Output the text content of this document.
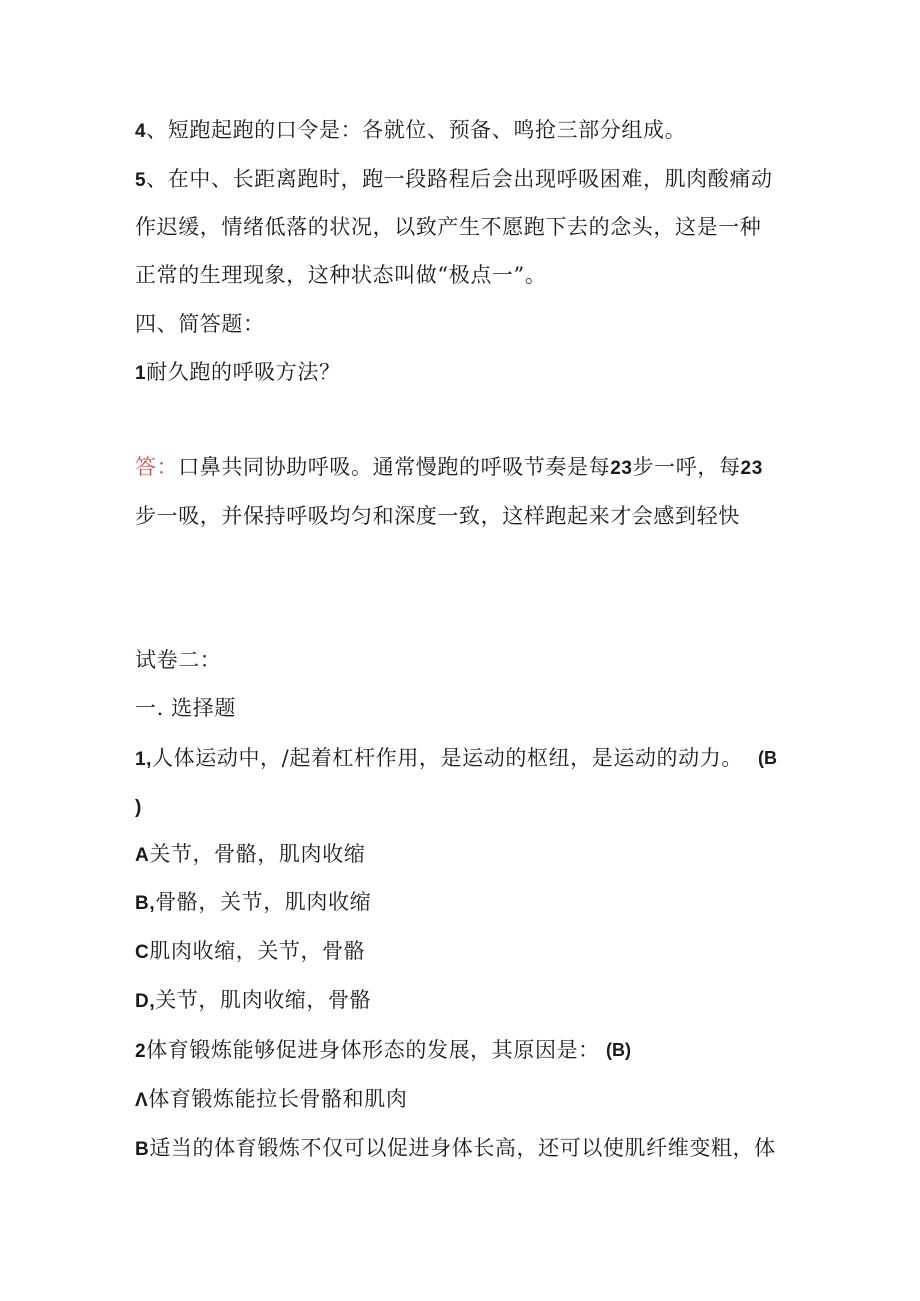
4、短跑起跑的口令是：各就位、预备、鸣抢三部分组成。
5、在中、长距离跑时，跑一段路程后会出现呼吸困难，肌肉酸痛动
作迟缓，情绪低落的状况，以致产生不愿跑下去的念头，这是一种
正常的生理现象，这种状态叫做“极点一”。
四、简答题：
1耐久跑的呼吸方法？
答：口鼻共同协助呼吸。通常慢跑的呼吸节奏是每23步一呼，每23
步一吸，并保持呼吸均匀和深度一致，这样跑起来才会感到轻快
试卷二：
一. 选择题
1,人体运动中，/起着杠杆作用，是运动的枢纽，是运动的动力。 (B
)
A关节，骨骼，肌肉收缩
B,骨骼，关节，肌肉收缩
C肌肉收缩，关节，骨骼
D,关节，肌肉收缩，骨骼
2体育锻炼能够促进身体形态的发展，其原因是： (B)
Λ体育锻炼能拉长骨骼和肌肉
B适当的体育锻炼不仅可以促进身体长高，还可以使肌纤维变粗，体
